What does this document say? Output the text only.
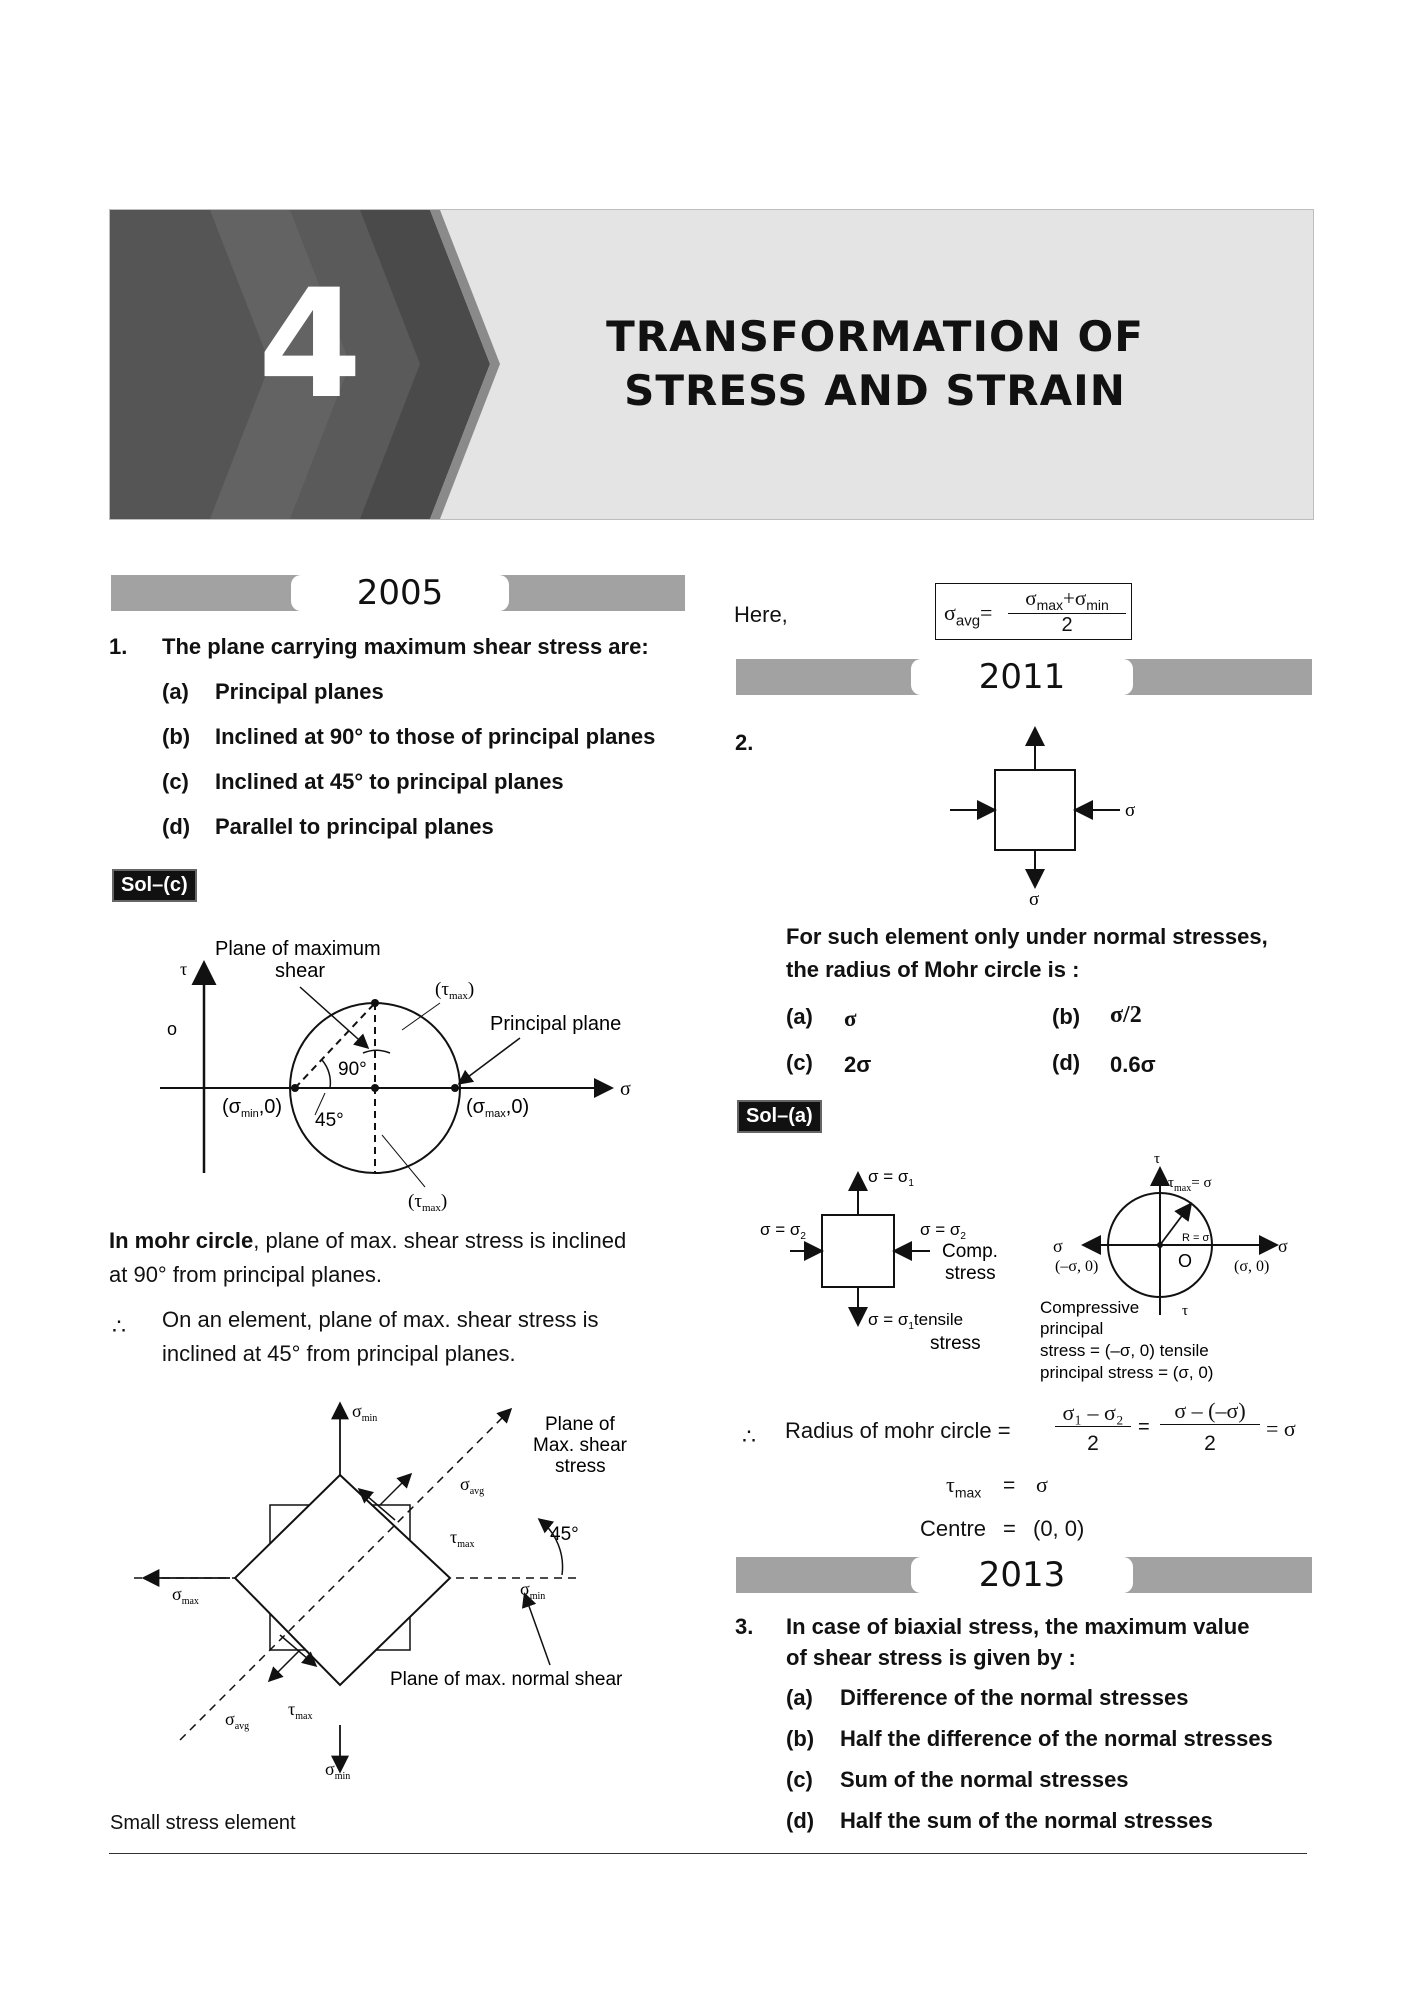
4	TRANSFORMATION OF
STRESS AND STRAIN
2005
1. The plane carrying maximum shear stress are:
(a) Principal planes
(b) Inclined at 90° to those of principal planes
(c) Inclined at 45° to principal planes
(d) Parallel to principal planes
Sol–(c)
τ
σ
o
90°
45°
Plane of maximum
shear
$(\tau_{max})$
Principal plane
$(\sigma_{min},0)$	$(\sigma_{max},0)$
$(\tau_{max})$
In mohr circle, plane of max. shear stress is inclined
at 90° from principal planes.
∴ On an element, plane of max. shear stress is
inclined at 45° from principal planes.
$\sigma_{min}$
$\sigma_{min}$
$\sigma_{max}$
$\sigma_{min}$
$\sigma_{avg}$
$\tau_{max}$
$\tau_{max}$
$\sigma_{avg}$
Plane of
Max. shear
stress
45°
Plane of max. normal shear
Small stress element
Here,	$\sigma_{avg}=$
$\sigma_{max}+\sigma_{min}$
2
2011
2.
σ
σ
For such element only under normal stresses,
the radius of Mohr circle is :
(a) σ	(b) σ/2
(c) 2σ	(d) 0.6σ
Sol–(a)
$\sigma = \sigma_1$
$\sigma = \sigma_2$	$\sigma = \sigma_2$
Comp.
stress
$\sigma = \sigma_1tensile$
stress
τ
$\tau_{max}= \sigma$
R = σ
O
σ	σ
(–σ, 0)	(σ, 0)
τ
Compressive
principal
stress = (–σ, 0) tensile
principal stress = (σ, 0)
∴ Radius of mohr circle =
σ₁ – σ₂
2
=
σ – (–σ)
2
= σ
$\tau_{max} = \sigma$
Centre = (0, 0)
2013
3. In case of biaxial stress, the maximum value
of shear stress is given by :
(a) Difference of the normal stresses
(b) Half the difference of the normal stresses
(c) Sum of the normal stresses
(d) Half the sum of the normal stresses
